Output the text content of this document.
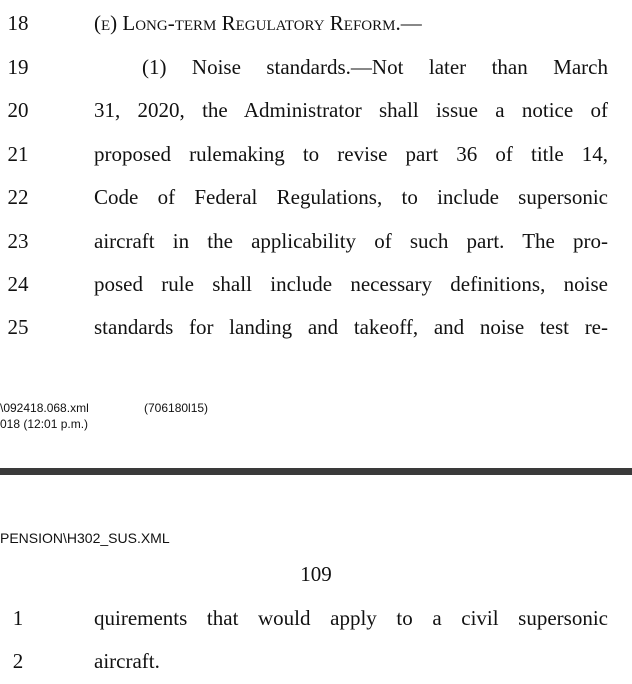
18	(e) Long-term Regulatory Reform.—
19	(1) Noise standards.—Not later than March
20	31, 2020, the Administrator shall issue a notice of
21	proposed rulemaking to revise part 36 of title 14,
22	Code of Federal Regulations, to include supersonic
23	aircraft in the applicability of such part. The pro-
24	posed rule shall include necessary definitions, noise
25	standards for landing and takeoff, and noise test re-
\092418.068.xml	(706180l15)
018 (12:01 p.m.)
PENSION\H302_SUS.XML
109
1	quirements that would apply to a civil supersonic
2	aircraft.
